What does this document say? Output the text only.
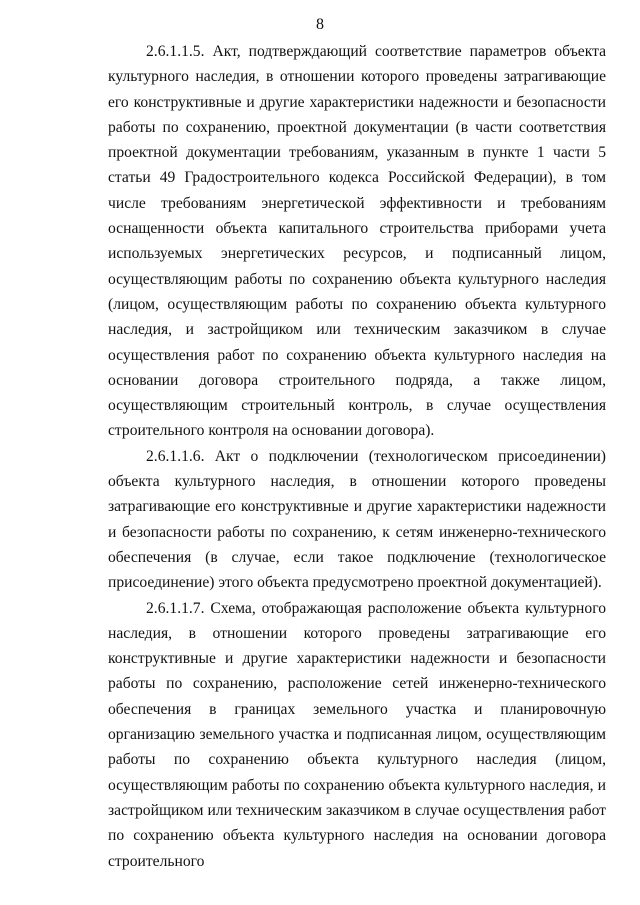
8

2.6.1.1.5. Акт, подтверждающий соответствие параметров объекта культурного наследия, в отношении которого проведены затрагивающие его конструктивные и другие характеристики надежности и безопасности работы по сохранению, проектной документации (в части соответствия проектной документации требованиям, указанным в пункте 1 части 5 статьи 49 Градостроительного кодекса Российской Федерации), в том числе требованиям энергетической эффективности и требованиям оснащенности объекта капитального строительства приборами учета используемых энергетических ресурсов, и подписанный лицом, осуществляющим работы по сохранению объекта культурного наследия (лицом, осуществляющим работы по сохранению объекта культурного наследия, и застройщиком или техническим заказчиком в случае осуществления работ по сохранению объекта культурного наследия на основании договора строительного подряда, а также лицом, осуществляющим строительный контроль, в случае осуществления строительного контроля на основании договора).

2.6.1.1.6. Акт о подключении (технологическом присоединении) объекта культурного наследия, в отношении которого проведены затрагивающие его конструктивные и другие характеристики надежности и безопасности работы по сохранению, к сетям инженерно-технического обеспечения (в случае, если такое подключение (технологическое присоединение) этого объекта предусмотрено проектной документацией).

2.6.1.1.7. Схема, отображающая расположение объекта культурного наследия, в отношении которого проведены затрагивающие его конструктивные и другие характеристики надежности и безопасности работы по сохранению, расположение сетей инженерно-технического обеспечения в границах земельного участка и планировочную организацию земельного участка и подписанная лицом, осуществляющим работы по сохранению объекта культурного наследия (лицом, осуществляющим работы по сохранению объекта культурного наследия, и застройщиком или техническим заказчиком в случае осуществления работ по сохранению объекта культурного наследия на основании договора строительного
